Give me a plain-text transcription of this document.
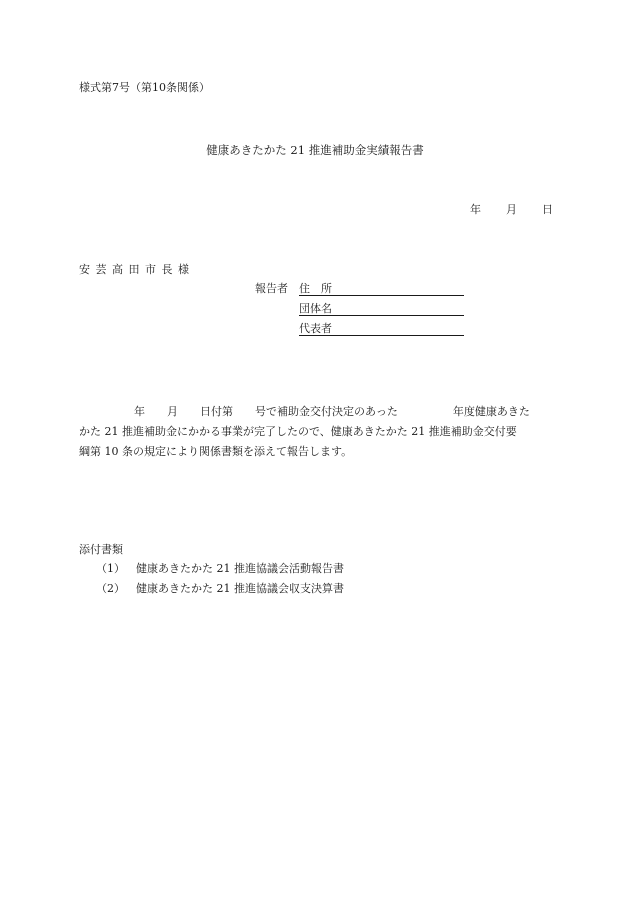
様式第7号（第10条関係）
健康あきたかた 21 推進補助金実績報告書
年 月 日
安芸高田市長様
報告者 住　所
団体名
代表者
　　　　　年　　月　　日付第　　号で補助金交付決定のあった　　　　　年度健康あきた
かた 21 推進補助金にかかる事業が完了したので、健康あきたかた 21 推進補助金交付要
綱第 10 条の規定により関係書類を添えて報告します。
添付書類
（1） 健康あきたかた 21 推進協議会活動報告書
（2） 健康あきたかた 21 推進協議会収支決算書
